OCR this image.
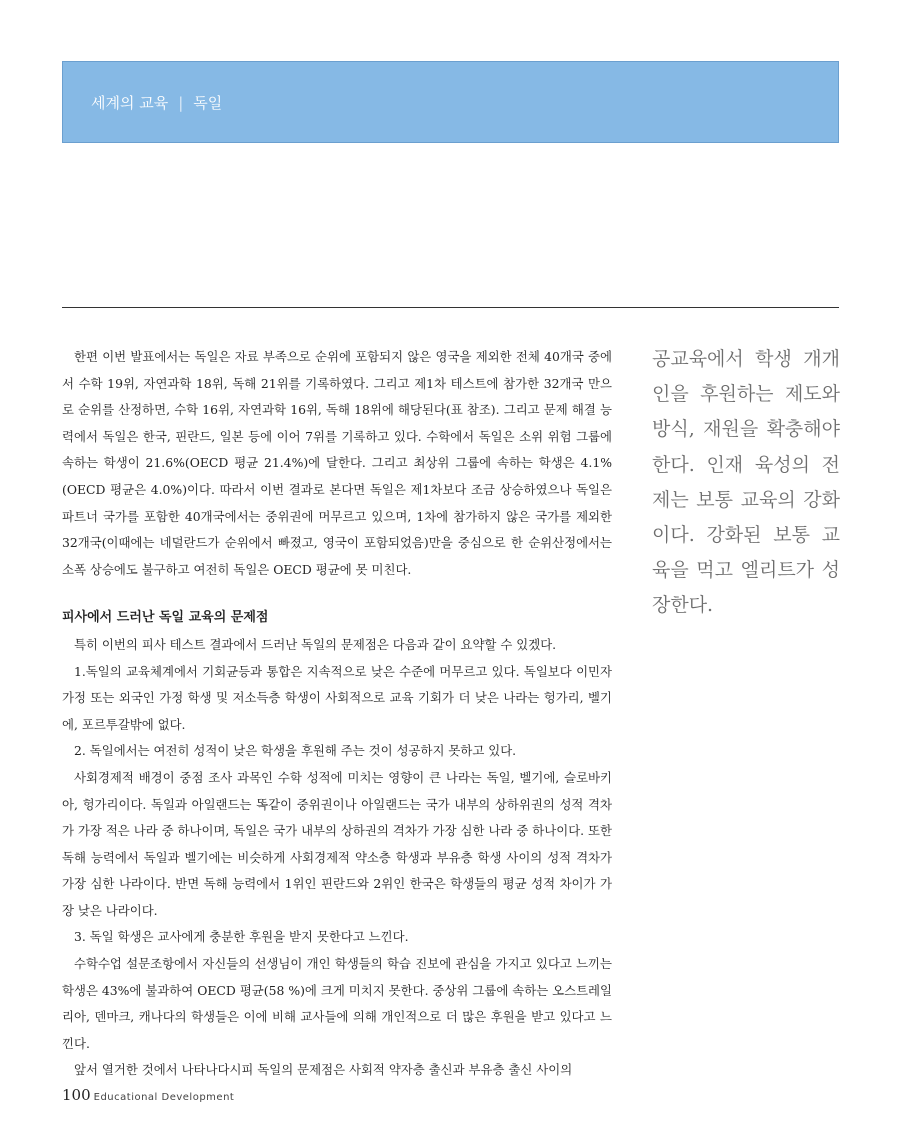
세계의 교육 | 독일

한편 이번 발표에서는 독일은 자료 부족으로 순위에 포함되지 않은 영국을 제외한 전체 40개국 중에서 수학 19위, 자연과학 18위, 독해 21위를 기록하였다. 그리고 제1차 테스트에 참가한 32개국 만으로 순위를 산정하면, 수학 16위, 자연과학 16위, 독해 18위에 해당된다(표 참조). 그리고 문제 해결 능력에서 독일은 한국, 핀란드, 일본 등에 이어 7위를 기록하고 있다. 수학에서 독일은 소위 위험 그룹에 속하는 학생이 21.6%(OECD 평균 21.4%)에 달한다. 그리고 최상위 그룹에 속하는 학생은 4.1%(OECD 평균은 4.0%)이다. 따라서 이번 결과로 본다면 독일은 제1차보다 조금 상승하였으나 독일은 파트너 국가를 포함한 40개국에서는 중위권에 머무르고 있으며, 1차에 참가하지 않은 국가를 제외한 32개국(이때에는 네덜란드가 순위에서 빠졌고, 영국이 포함되었음)만을 중심으로 한 순위산정에서는 소폭 상승에도 불구하고 여전히 독일은 OECD 평균에 못 미친다.

피사에서 드러난 독일 교육의 문제점

특히 이번의 피사 테스트 결과에서 드러난 독일의 문제점은 다음과 같이 요약할 수 있겠다.

1.독일의 교육체계에서 기회균등과 통합은 지속적으로 낮은 수준에 머무르고 있다. 독일보다 이민자 가정 또는 외국인 가정 학생 및 저소득층 학생이 사회적으로 교육 기회가 더 낮은 나라는 헝가리, 벨기에, 포르투갈밖에 없다.

2. 독일에서는 여전히 성적이 낮은 학생을 후원해 주는 것이 성공하지 못하고 있다.

사회경제적 배경이 중점 조사 과목인 수학 성적에 미치는 영향이 큰 나라는 독일, 벨기에, 슬로바키아, 헝가리이다. 독일과 아일랜드는 똑같이 중위권이나 아일랜드는 국가 내부의 상하위권의 성적 격차가 가장 적은 나라 중 하나이며, 독일은 국가 내부의 상하권의 격차가 가장 심한 나라 중 하나이다. 또한 독해 능력에서 독일과 벨기에는 비슷하게 사회경제적 약소층 학생과 부유층 학생 사이의 성적 격차가 가장 심한 나라이다. 반면 독해 능력에서 1위인 핀란드와 2위인 한국은 학생들의 평균 성적 차이가 가장 낮은 나라이다.

3. 독일 학생은 교사에게 충분한 후원을 받지 못한다고 느낀다.

수학수업 설문조항에서 자신들의 선생님이 개인 학생들의 학습 진보에 관심을 가지고 있다고 느끼는 학생은 43%에 불과하여 OECD 평균(58 %)에 크게 미치지 못한다. 중상위 그룹에 속하는 오스트레일리아, 덴마크, 캐나다의 학생들은 이에 비해 교사들에 의해 개인적으로 더 많은 후원을 받고 있다고 느낀다.

앞서 열거한 것에서 나타나다시피 독일의 문제점은 사회적 약자층 출신과 부유층 출신 사이의

공교육에서 학생 개개인을 후원하는 제도와 방식, 재원을 확충해야 한다. 인재 육성의 전제는 보통 교육의 강화이다. 강화된 보통 교육을 먹고 엘리트가 성장한다.
100 Educational Development
